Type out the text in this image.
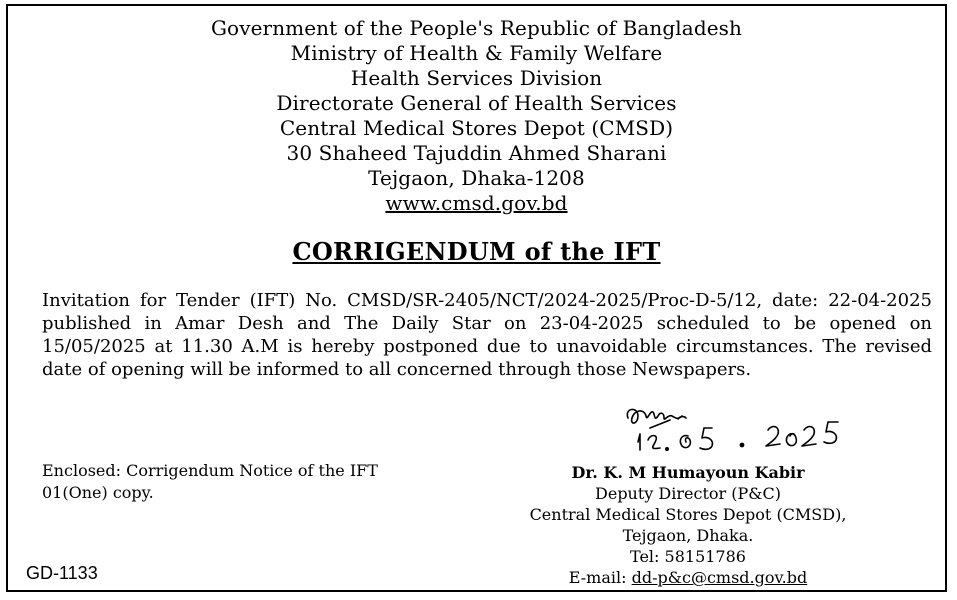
Government of the People's Republic of Bangladesh
Ministry of Health & Family Welfare
Health Services Division
Directorate General of Health Services
Central Medical Stores Depot (CMSD)
30 Shaheed Tajuddin Ahmed Sharani
Tejgaon, Dhaka-1208
www.cmsd.gov.bd
CORRIGENDUM of the IFT
Invitation for Tender (IFT) No. CMSD/SR-2405/NCT/2024-2025/Proc-D-5/12, date: 22-04-2025 published in Amar Desh and The Daily Star on 23-04-2025 scheduled to be opened on 15/05/2025 at 11.30 A.M is hereby postponed due to unavoidable circumstances. The revised date of opening will be informed to all concerned through those Newspapers.
Enclosed: Corrigendum Notice of the IFT
01(One) copy.
Dr. K. M Humayoun Kabir
Deputy Director (P&C)
Central Medical Stores Depot (CMSD),
Tejgaon, Dhaka.
Tel: 58151786
E-mail: dd-p&c@cmsd.gov.bd
GD-1133
